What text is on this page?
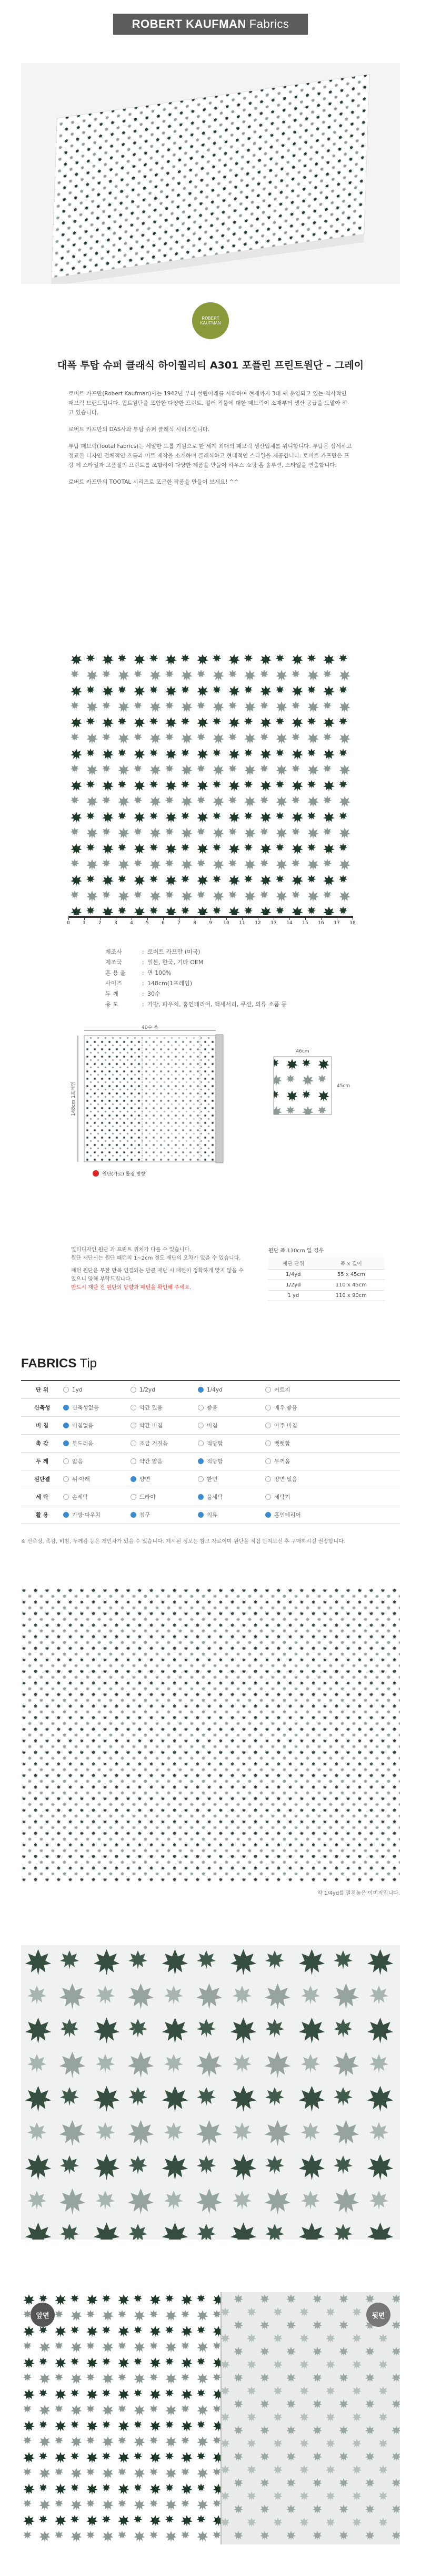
ROBERT KAUFMAN Fabrics
ROBERT
KAUFMAN
대폭 투탑 슈퍼 클래식 하이퀄리티 A301 포플린 프린트원단 – 그레이

로버트 카프만(Robert Kaufman)사는 1942년 부터 설립이래를 시작하여 현재까지 3대 째 운영되고 있는 역사적인 패브릭 브랜드입니다. 월트원단을 포함한 다양한 프린트, 컬러 직물에 대한 패브릭이 소재부터 생산 공급을 도맡아 하고 있습니다.

로버트 카프만의 DAS사와 투탑 슈퍼 클래식 시리즈입니다.

투탑 패브릭(Tootal Fabrics)는 세밀한 드롭 기원으로 한 세계 최대의 패브릭 생산업체를 위니합니다. 투탑은 섬세하고 정교한 디자인 전체적인 흐름과 미트 제작을 소개하며 클래식하고 현대적인 스타일을 제공합니다. 로버트 카프만은 프랑 에 스타일과 고품질의 프린트를 조합하여 다양한 제품을 만들어 하우스 쇼핑 홈 솔루션, 스타일을 연출합니다.

로버트 카프만의 TOOTAL 시리즈로 포근한 작품을 만들어 보세요! ^^

0	1	2	3	4	5	6	7	8	9	10	11	12	13	14	15	16	17	18
제조사	: 로버트 카프만 (미국)
제조국	: 일본, 한국, 기타 OEM
혼 용 율	: 면 100%
사이즈	: 148cm(1프레임)
두 께	: 30수
용 도	: 가방, 파우치, 홈인테리어, 액세서리, 쿠션, 의류 소품 등
40수 폭
148cm 1프레임
원단(가로) 롤링 방향
46cm
45cm
멀티디자인 원단 과 프린트 위치가 다를 수 있습니다.
원단 재단시는 원단 패턴의 1~2cm 정도 재단의 오차가 있을 수 있습니다.
패턴 원단은 무한 반복 연결되는 만큼 재단 시 패턴이 정확하게 맞지 않을 수 있으니 양해 부탁드립니다.
반드시 재단 전 원단의 방향과 패턴을 확인해 주세요.
원단 폭 110cm 일 경우
재단 단위	폭 x 길이
1/4yd	55 x 45cm
1/2yd	110 x 45cm
1 yd	110 x 90cm
FABRICS Tip
단 위	1yd	1/2yd	1/4yd	커트지
신축성	신축성없음	약간 있음	좋음	매우 좋음
비 침	비침없음	약간 비침	비침	아주 비침
촉 감	부드러움	조금 거칠음	적당함	뻣뻣함
두 께	얇음	약간 얇음	적당함	두꺼움
원단결	위·아래	양면	한면	양면 없음
세 탁	손세탁	드라이	물세탁	세탁기
활 용	가방·파우치	침구	의류	홈인테리어
※ 신축성, 촉감, 비침, 두께감 등은 개인차가 있을 수 있습니다. 제시된 정보는 참고 자료이며 원단을 직접 만져보신 후 구매하시길 권장합니다.
약 1/4yd를 펼쳐놓은 이미지입니다.
앞면	뒷면
